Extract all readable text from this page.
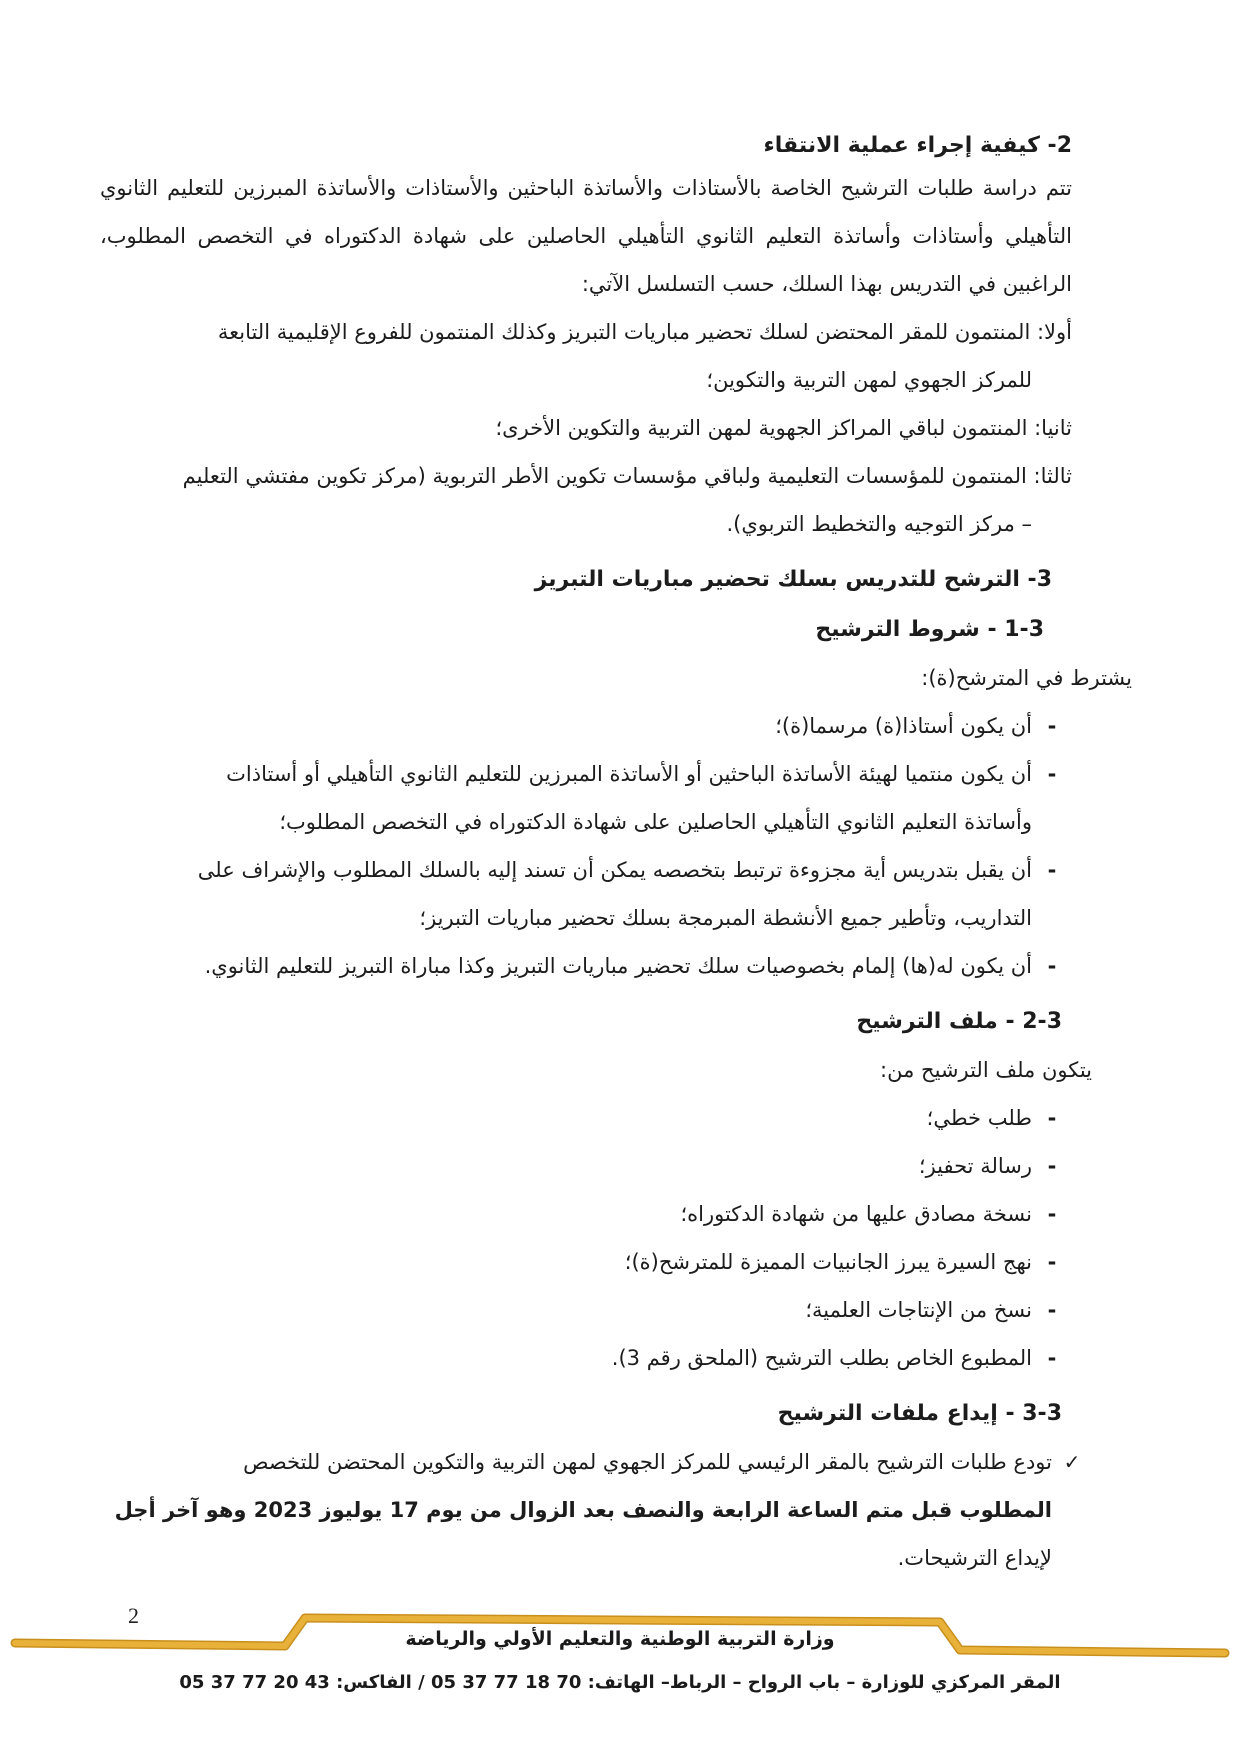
2- كيفية إجراء عملية الانتقاء
تتم دراسة طلبات الترشيح الخاصة بالأستاذات والأساتذة الباحثين والأستاذات والأساتذة المبرزين للتعليم الثانوي التأهيلي وأستاذات وأساتذة التعليم الثانوي التأهيلي الحاصلين على شهادة الدكتوراه في التخصص المطلوب، الراغبين في التدريس بهذا السلك، حسب التسلسل الآتي:
أولا: المنتمون للمقر المحتضن لسلك تحضير مباريات التبريز وكذلك المنتمون للفروع الإقليمية التابعة
للمركز الجهوي لمهن التربية والتكوين؛
ثانيا: المنتمون لباقي المراكز الجهوية لمهن التربية والتكوين الأخرى؛
ثالثا: المنتمون للمؤسسات التعليمية ولباقي مؤسسات تكوين الأطر التربوية (مركز تكوين مفتشي التعليم
– مركز التوجيه والتخطيط التربوي).
3- الترشح للتدريس بسلك تحضير مباريات التبريز
1-3 - شروط الترشيح
يشترط في المترشح(ة):
-
أن يكون أستاذا(ة) مرسما(ة)؛
-
أن يكون منتميا لهيئة الأساتذة الباحثين أو الأساتذة المبرزين للتعليم الثانوي التأهيلي أو أستاذات
وأساتذة التعليم الثانوي التأهيلي الحاصلين على شهادة الدكتوراه في التخصص المطلوب؛
-
أن يقبل بتدريس أية مجزوءة ترتبط بتخصصه يمكن أن تسند إليه بالسلك المطلوب والإشراف على
التداريب، وتأطير جميع الأنشطة المبرمجة بسلك تحضير مباريات التبريز؛
-
أن يكون له(ها) إلمام بخصوصيات سلك تحضير مباريات التبريز وكذا مباراة التبريز للتعليم الثانوي.
2-3 - ملف الترشيح
يتكون ملف الترشيح من:
-
طلب خطي؛
-
رسالة تحفيز؛
-
نسخة مصادق عليها من شهادة الدكتوراه؛
-
نهج السيرة يبرز الجانبيات المميزة للمترشح(ة)؛
-
نسخ من الإنتاجات العلمية؛
-
المطبوع الخاص بطلب الترشيح (الملحق رقم 3).
3-3 - إيداع ملفات الترشيح
✓
تودع طلبات الترشيح بالمقر الرئيسي للمركز الجهوي لمهن التربية والتكوين المحتضن للتخصص
المطلوب قبل متم الساعة الرابعة والنصف بعد الزوال من يوم 17 يوليوز 2023 وهو آخر أجل
لإيداع الترشيحات.
2
وزارة التربية الوطنية والتعليم الأولي والرياضة
المقر المركزي للوزارة – باب الرواح – الرباط– الهاتف: 70 18 77 37 05 / الفاكس: 43 20 77 37 05
